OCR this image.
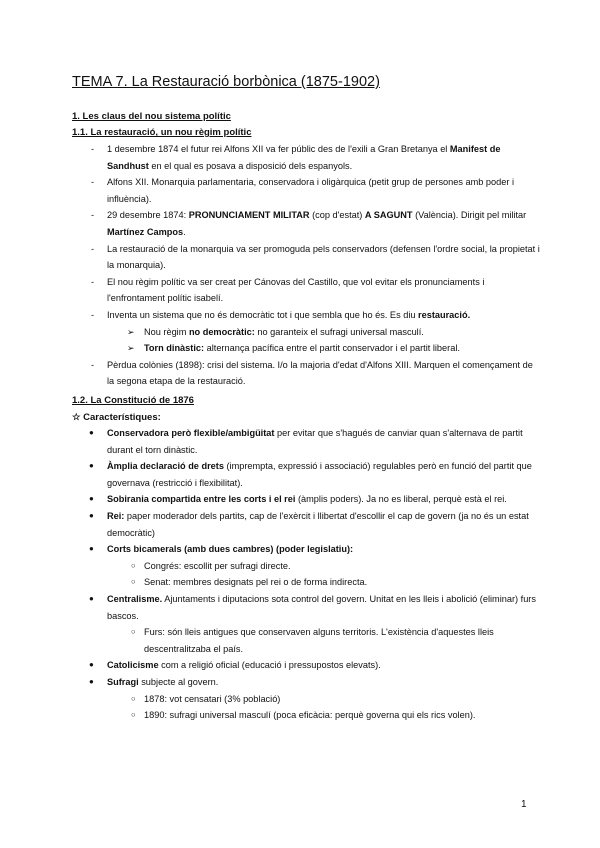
TEMA 7. La Restauració borbònica (1875-1902)
1. Les claus del nou sistema polític
1.1. La restauració, un nou règim polític
- 1 desembre 1874 el futur rei Alfons XII va fer públic des de l'exili a Gran Bretanya el Manifest de Sandhust en el qual es posava a disposició dels espanyols.
- Alfons XII. Monarquia parlamentaria, conservadora i oligàrquica (petit grup de persones amb poder i influència).
- 29 desembre 1874: PRONUNCIAMENT MILITAR (cop d'estat) A SAGUNT (València). Dirigit pel militar Martínez Campos.
- La restauració de la monarquia va ser promoguda pels conservadors (defensen l'ordre social, la propietat i la monarquia).
- El nou règim polític va ser creat per Cánovas del Castillo, que vol evitar els pronunciaments i l'enfrontament polític isabelí.
- Inventa un sistema que no és democràtic tot i que sembla que ho és. Es diu restauració.
➢ Nou règim no democràtic: no garanteix el sufragi universal masculí.
➢ Torn dinàstic: alternança pacífica entre el partit conservador i el partit liberal.
- Pèrdua colònies (1898): crisi del sistema. I/o la majoria d'edat d'Alfons XIII. Marquen el començament de la segona etapa de la restauració.
1.2. La Constitució de 1876
☆ Característiques:
● Conservadora però flexible/ambigüitat per evitar que s'hagués de canviar quan s'alternava de partit durant el torn dinàstic.
● Àmplia declaració de drets (imprempta, expressió i associació) regulables però en funció del partit que governava (restricció i flexibilitat).
● Sobirania compartida entre les corts i el rei (àmplis poders). Ja no es liberal, perquè està el rei.
● Rei: paper moderador dels partits, cap de l'exèrcit i llibertat d'escollir el cap de govern (ja no és un estat democràtic)
● Corts bicamerals (amb dues cambres) (poder legislatiu):
○ Congrés: escollit per sufragi directe.
○ Senat: membres designats pel rei o de forma indirecta.
● Centralisme. Ajuntaments i diputacions sota control del govern. Unitat en les lleis i abolició (eliminar) furs bascos.
○ Furs: són lleis antigues que conservaven alguns territoris. L'existència d'aquestes lleis descentralitzaba el país.
● Catolicisme com a religió oficial (educació i pressupostos elevats).
● Sufragi subjecte al govern.
○ 1878: vot censatari (3% població)
○ 1890: sufragi universal masculí (poca eficàcia: perquè governa qui els rics volen).
1
